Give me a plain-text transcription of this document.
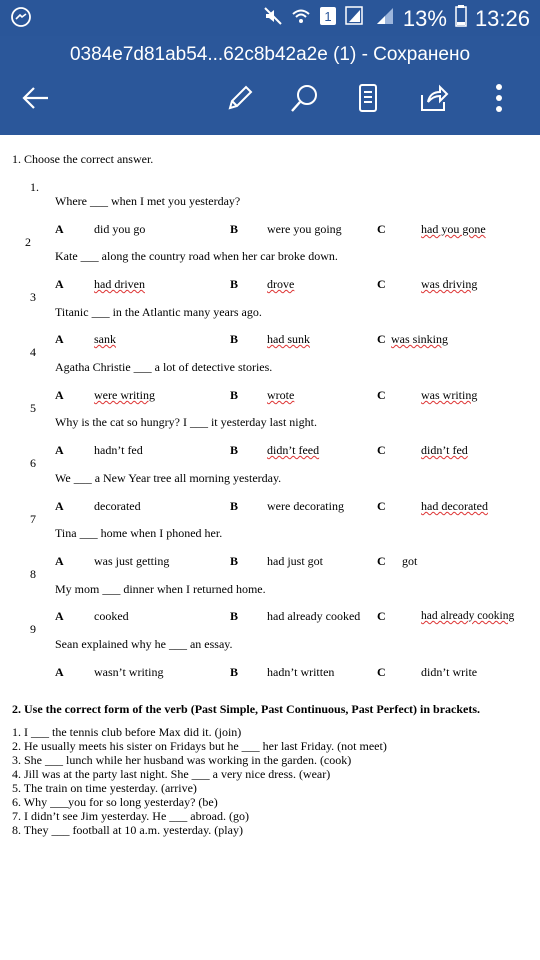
1	13% 13:26
0384e7d81ab54...62c8b42a2e (1) - Сохранено
1. Choose the correct answer.
1.
Where ___ when I met you yesterday?
A	did you go	B were you going	C	had you gone
2
Kate ___ along the country road when her car broke down.
A	had driven	B drove	C	was driving
3
Titanic ___ in the Atlantic many years ago.
A	sank	B had sunk	C was sinking
4
Agatha Christie ___ a lot of detective stories.
A	were writing	B wrote	C	was writing
5
Why is the cat so hungry? I ___ it yesterday last night.
A	hadn’t fed	B didn’t feed	C	didn’t fed
6
We ___ a New Year tree all morning yesterday.
A	decorated	B were decorating	C	had decorated
7
Tina ___ home when I phoned her.
A	was just getting	B had just got	C got
8
My mom ___ dinner when I returned home.
A	cooked	B had already cooked C	had already cooking
9
Sean explained why he ___ an essay.
A	wasn’t writing	B hadn’t written	C	didn’t write
2. Use the correct form of the verb (Past Simple, Past Continuous, Past Perfect) in brackets.
1. I ___ the tennis club before Max did it. (join)
2. He usually meets his sister on Fridays but he ___ her last Friday. (not meet)
3. She ___ lunch while her husband was working in the garden. (cook)
4. Jill was at the party last night. She ___ a very nice dress. (wear)
5. The train on time yesterday. (arrive)
6. Why ___you for so long yesterday? (be)
7. I didn’t see Jim yesterday. He ___ abroad. (go)
8. They ___ football at 10 a.m. yesterday. (play)
